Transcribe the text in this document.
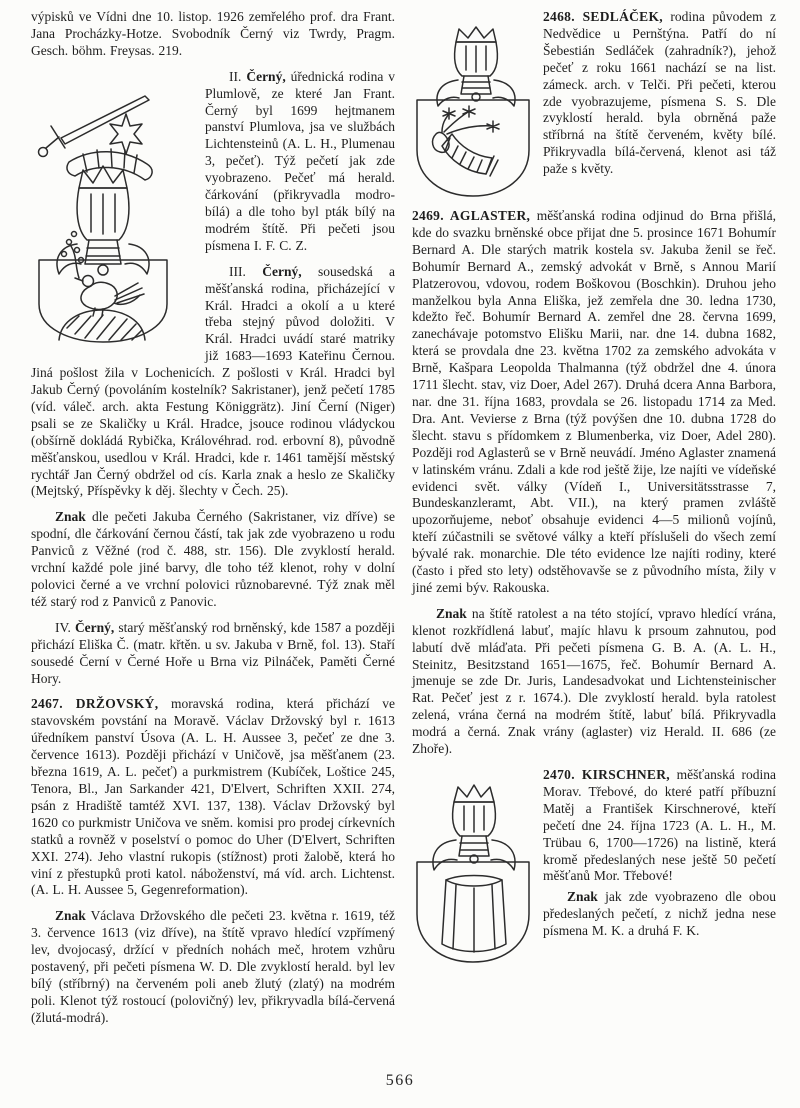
výpisků ve Vídni dne 10. listop. 1926 zemřelého prof. dra Frant. Jana Procházky-Hotze. Svobodník Černý viz Twrdy, Pragm. Gesch. böhm. Freysas. 219.

II. Černý, úřednická rodina v Plumlově, ze které Jan Frant. Černý byl 1699 hejtmanem panství Plumlova, jsa ve službách Lichtensteinů (A. L. H., Plumenau 3, pečeť). Týž pečetí jak zde vyobrazeno. Pečeť má herald. čárkování (přikryvadla modro-bílá) a dle toho byl pták bílý na modrém štítě. Při pečeti jsou písmena I. F. C. Z.

III. Černý, sousedská a měšťanská rodina, přicházející v Král. Hradci a okolí a u které třeba stejný původ doložiti. V Král. Hradci uvádí staré matriky již 1683—1693 Kateřinu Černou. Jiná pošlost žila v Lochenicích. Z pošlosti v Král. Hradci byl Jakub Černý (povoláním kostelník? Sakristaner), jenž pečetí 1785 (víd. váleč. arch. akta Festung Königgrätz). Jiní Černí (Niger) psali se ze Skaličky u Král. Hradce, jsouce rodinou vládyckou (obšírně dokládá Rybička, Královéhrad. rod. erbovní 8), původně měšťanskou, usedlou v Král. Hradci, kde r. 1461 tamější městský rychtář Jan Černý obdržel od cís. Karla znak a heslo ze Skaličky (Mejtský, Příspěvky k děj. šlechty v Čech. 25).

Znak dle pečeti Jakuba Černého (Sakristaner, viz dříve) se spodní, dle čárkování černou částí, tak jak zde vyobrazeno u rodu Panviců z Věžné (rod č. 488, str. 156). Dle zvyklostí herald. vrchní každé pole jiné barvy, dle toho též klenot, rohy v dolní polovici černé a ve vrchní polovici různobarevné. Týž znak měl též starý rod z Panviců z Panovic.

IV. Černý, starý měšťanský rod brněnský, kde 1587 a později přichází Eliška Č. (matr. křtěn. u sv. Jakuba v Brně, fol. 13). Staří sousedé Černí v Černé Hoře u Brna viz Pilnáček, Paměti Černé Hory.

2467. DRŽOVSKÝ, moravská rodina, která přichází ve stavovském povstání na Moravě. Václav Držovský byl r. 1613 úředníkem panství Úsova (A. L. H. Aussee 3, pečeť ze dne 3. července 1613). Později přichází v Uničově, jsa měšťanem (23. března 1619, A. L. pečeť) a purkmistrem (Kubíček, Loštice 245, Tenora, Bl., Jan Sarkander 421, D'Elvert, Schriften XXII. 274, psán z Hradiště tamtéž XVI. 137, 138). Václav Držovský byl 1620 co purkmistr Uničova ve sněm. komisi pro prodej církevních statků a rovněž v poselství o pomoc do Uher (D'Elvert, Schriften XXI. 274). Jeho vlastní rukopis (stížnost) proti žalobě, která ho viní z přestupků proti katol. náboženství, má víd. arch. Lichtenst. (A. L. H. Aussee 5, Gegenreformation).

Znak Václava Držovského dle pečeti 23. května r. 1619, též 3. července 1613 (viz dříve), na štítě vpravo hledící vzpřímený lev, dvojocasý, držící v předních nohách meč, hrotem vzhůru postavený, při pečeti písmena W. D. Dle zvyklostí herald. byl lev bílý (stříbrný) na červeném poli aneb žlutý (zlatý) na modrém poli. Klenot týž rostoucí (polovičný) lev, přikryvadla bílá-červená (žlutá-modrá).

2468. SEDLÁČEK, rodina původem z Nedvědice u Pernštýna. Patří do ní Šebestián Sedláček (zahradník?), jehož pečeť z roku 1661 nachází se na list. zámeck. arch. v Telči. Při pečeti, kterou zde vyobrazujeme, písmena S. S. Dle zvyklostí herald. byla obrněná paže stříbrná na štítě červeném, květy bílé. Přikryvadla bílá-červená, klenot asi táž paže s květy.

2469. AGLASTER, měšťanská rodina odjinud do Brna přišlá, kde do svazku brněnské obce přijat dne 5. prosince 1671 Bohumír Bernard A. Dle starých matrik kostela sv. Jakuba ženil se řeč. Bohumír Bernard A., zemský advokát v Brně, s Annou Marií Platzerovou, vdovou, rodem Boškovou (Boschkin). Druhou jeho manželkou byla Anna Eliška, jež zemřela dne 30. ledna 1730, kdežto řeč. Bohumír Bernard A. zemřel dne 28. června 1699, zanechávaje potomstvo Elišku Marii, nar. dne 14. dubna 1682, která se provdala dne 23. května 1702 za zemského advokáta v Brně, Kašpara Leopolda Thalmanna (týž obdržel dne 4. února 1711 šlecht. stav, viz Doer, Adel 267). Druhá dcera Anna Barbora, nar. dne 31. října 1683, provdala se 26. listopadu 1714 za Med. Dra. Ant. Vevierse z Brna (týž povýšen dne 10. dubna 1728 do šlecht. stavu s přídomkem z Blumenberka, viz Doer, Adel 280). Později rod Aglasterů se v Brně neuvádí. Jméno Aglaster znamená v latinském vránu. Zdali a kde rod ještě žije, lze najíti ve vídeňské evidenci svět. války (Vídeň I., Universitätsstrasse 7, Bundeskanzleramt, Abt. VII.), na který pramen zvláště upozorňujeme, neboť obsahuje evidenci 4—5 milionů vojínů, kteří zúčastnili se světové války a kteří příslušeli do všech zemí bývalé rak. monarchie. Dle této evidence lze najíti rodiny, které (často i před sto lety) odstěhovavše se z původního místa, žily v jiné zemi býv. Rakouska.

Znak na štítě ratolest a na této stojící, vpravo hledící vrána, klenot rozkřídlená labuť, majíc hlavu k prsoum zahnutou, pod labutí dvě mláďata. Při pečeti písmena G. B. A. (A. L. H., Steinitz, Besitzstand 1651—1675, řeč. Bohumír Bernard A. jmenuje se zde Dr. Juris, Landesadvokat und Lichtensteinischer Rat. Pečeť jest z r. 1674.). Dle zvyklostí herald. byla ratolest zelená, vrána černá na modrém štítě, labuť bílá. Přikryvadla modrá a černá. Znak vrány (aglaster) viz Herald. II. 686 (ze Zhoře).

2470. KIRSCHNER, měšťanská rodina Morav. Třebové, do které patří příbuzní Matěj a František Kirschnerové, kteří pečetí dne 24. října 1723 (A. L. H., M. Trübau 6, 1700—1726) na listině, která kromě předeslaných nese ještě 50 pečetí měšťanů Mor. Třebové!

Znak jak zde vyobrazeno dle obou předeslaných pečetí, z nichž jedna nese písmena M. K. a druhá F. K.

566
